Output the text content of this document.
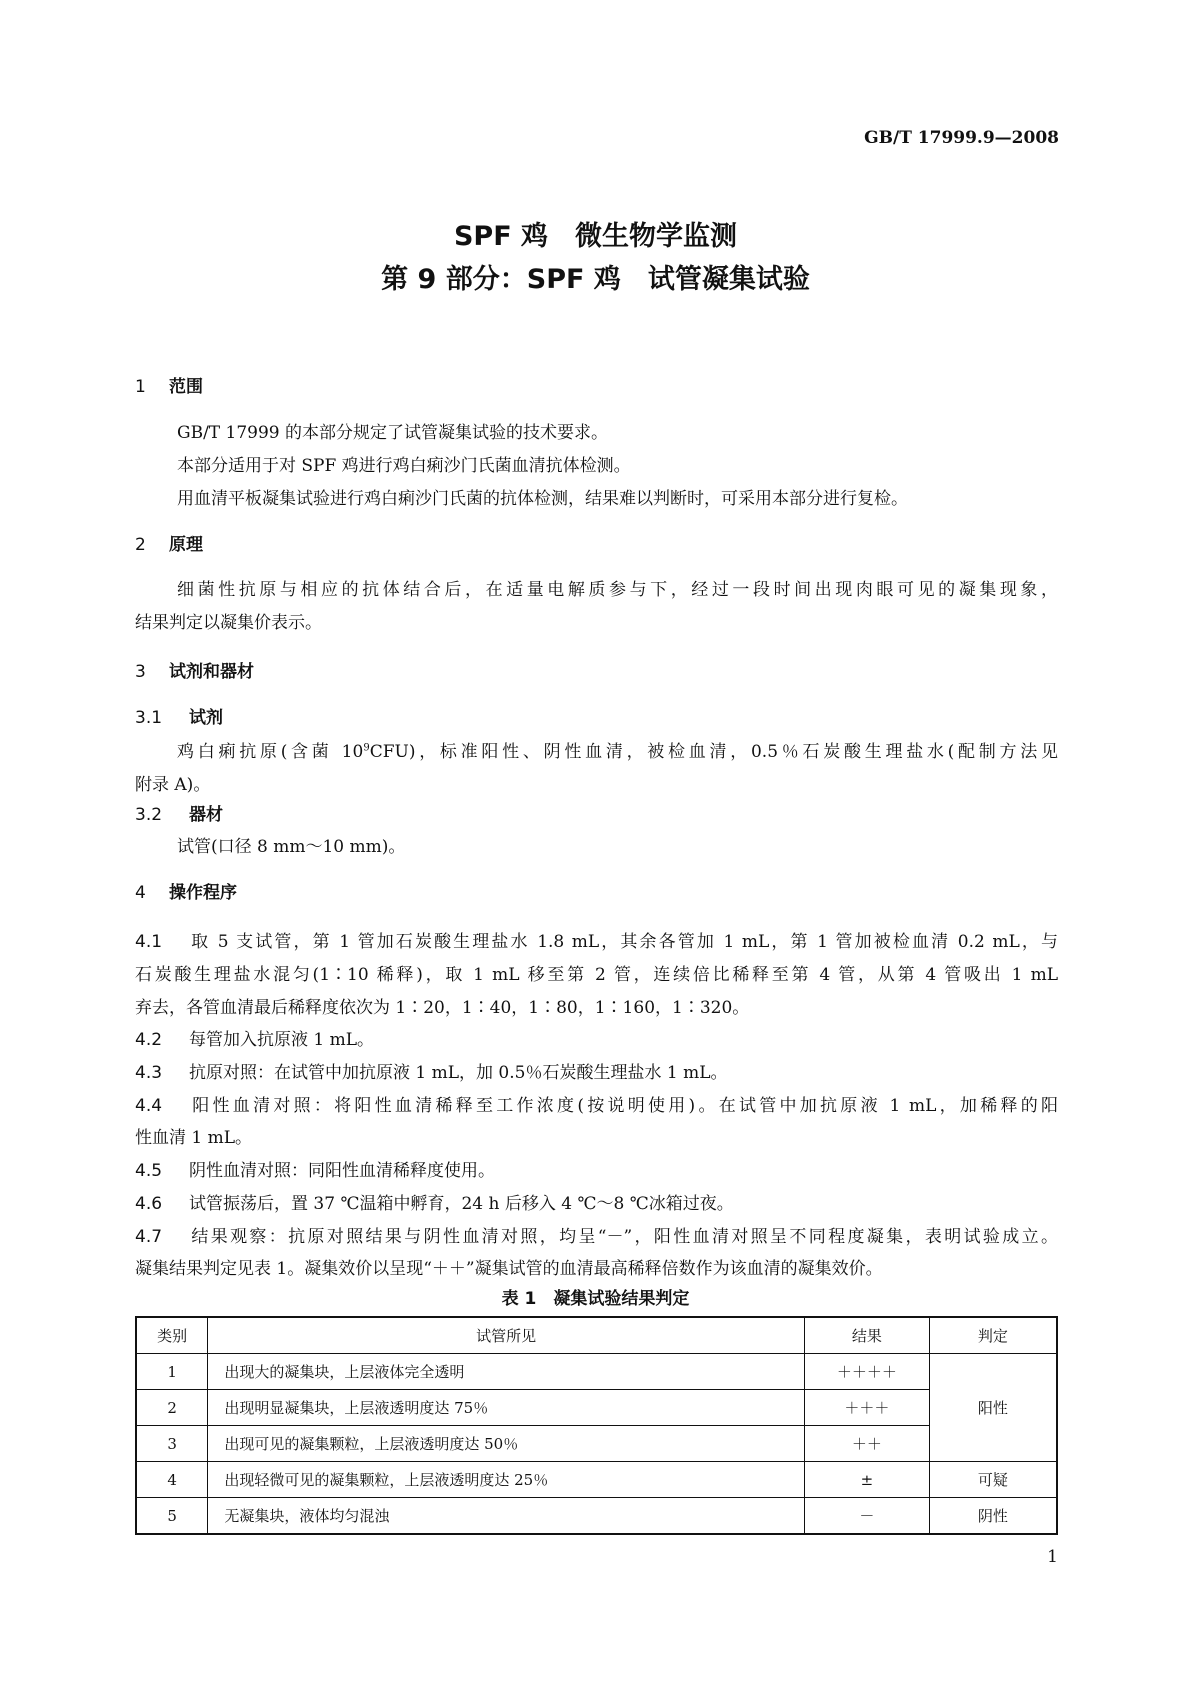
GB/T 17999.9—2008
SPF 鸡　微生物学监测
第 9 部分：SPF 鸡　试管凝集试验
1 范围
GB/T 17999 的本部分规定了试管凝集试验的技术要求。
本部分适用于对 SPF 鸡进行鸡白痢沙门氏菌血清抗体检测。
用血清平板凝集试验进行鸡白痢沙门氏菌的抗体检测，结果难以判断时，可采用本部分进行复检。
2 原理
细菌性抗原与相应的抗体结合后，在适量电解质参与下，经过一段时间出现肉眼可见的凝集现象，
结果判定以凝集价表示。
3 试剂和器材
3.1 试剂
鸡白痢抗原(含菌 $10^9CFU$)，标准阳性、阴性血清，被检血清，0.5％石炭酸生理盐水(配制方法见
附录 A)。
3.2 器材
试管(口径 8 mm～10 mm)。
4 操作程序
4.1 取 5 支试管，第 1 管加石炭酸生理盐水 1.8 mL，其余各管加 1 mL，第 1 管加被检血清 0.2 mL，与
石炭酸生理盐水混匀(1∶10 稀释)，取 1 mL 移至第 2 管，连续倍比稀释至第 4 管，从第 4 管吸出 1 mL
弃去，各管血清最后稀释度依次为 1∶20，1∶40，1∶80，1∶160，1∶320。
4.2 每管加入抗原液 1 mL。
4.3 抗原对照：在试管中加抗原液 1 mL，加 0.5％石炭酸生理盐水 1 mL。
4.4 阳性血清对照：将阳性血清稀释至工作浓度(按说明使用)。在试管中加抗原液 1 mL，加稀释的阳
性血清 1 mL。
4.5 阴性血清对照：同阳性血清稀释度使用。
4.6 试管振荡后，置 37 ℃温箱中孵育，24 h 后移入 4 ℃～8 ℃冰箱过夜。
4.7 结果观察：抗原对照结果与阴性血清对照，均呈“－”，阳性血清对照呈不同程度凝集，表明试验成立。
凝集结果判定见表 1。凝集效价以呈现“＋＋”凝集试管的血清最高稀释倍数作为该血清的凝集效价。
表 1　凝集试验结果判定
类别	试管所见	结果	判定
1	出现大的凝集块，上层液体完全透明	＋＋＋＋	阳性
2	出现明显凝集块，上层液透明度达 75％	＋＋＋	
3	出现可见的凝集颗粒，上层液透明度达 50％	＋＋	
4	出现轻微可见的凝集颗粒，上层液透明度达 25％	±	可疑
5	无凝集块，液体均匀混浊	－	阴性
1
